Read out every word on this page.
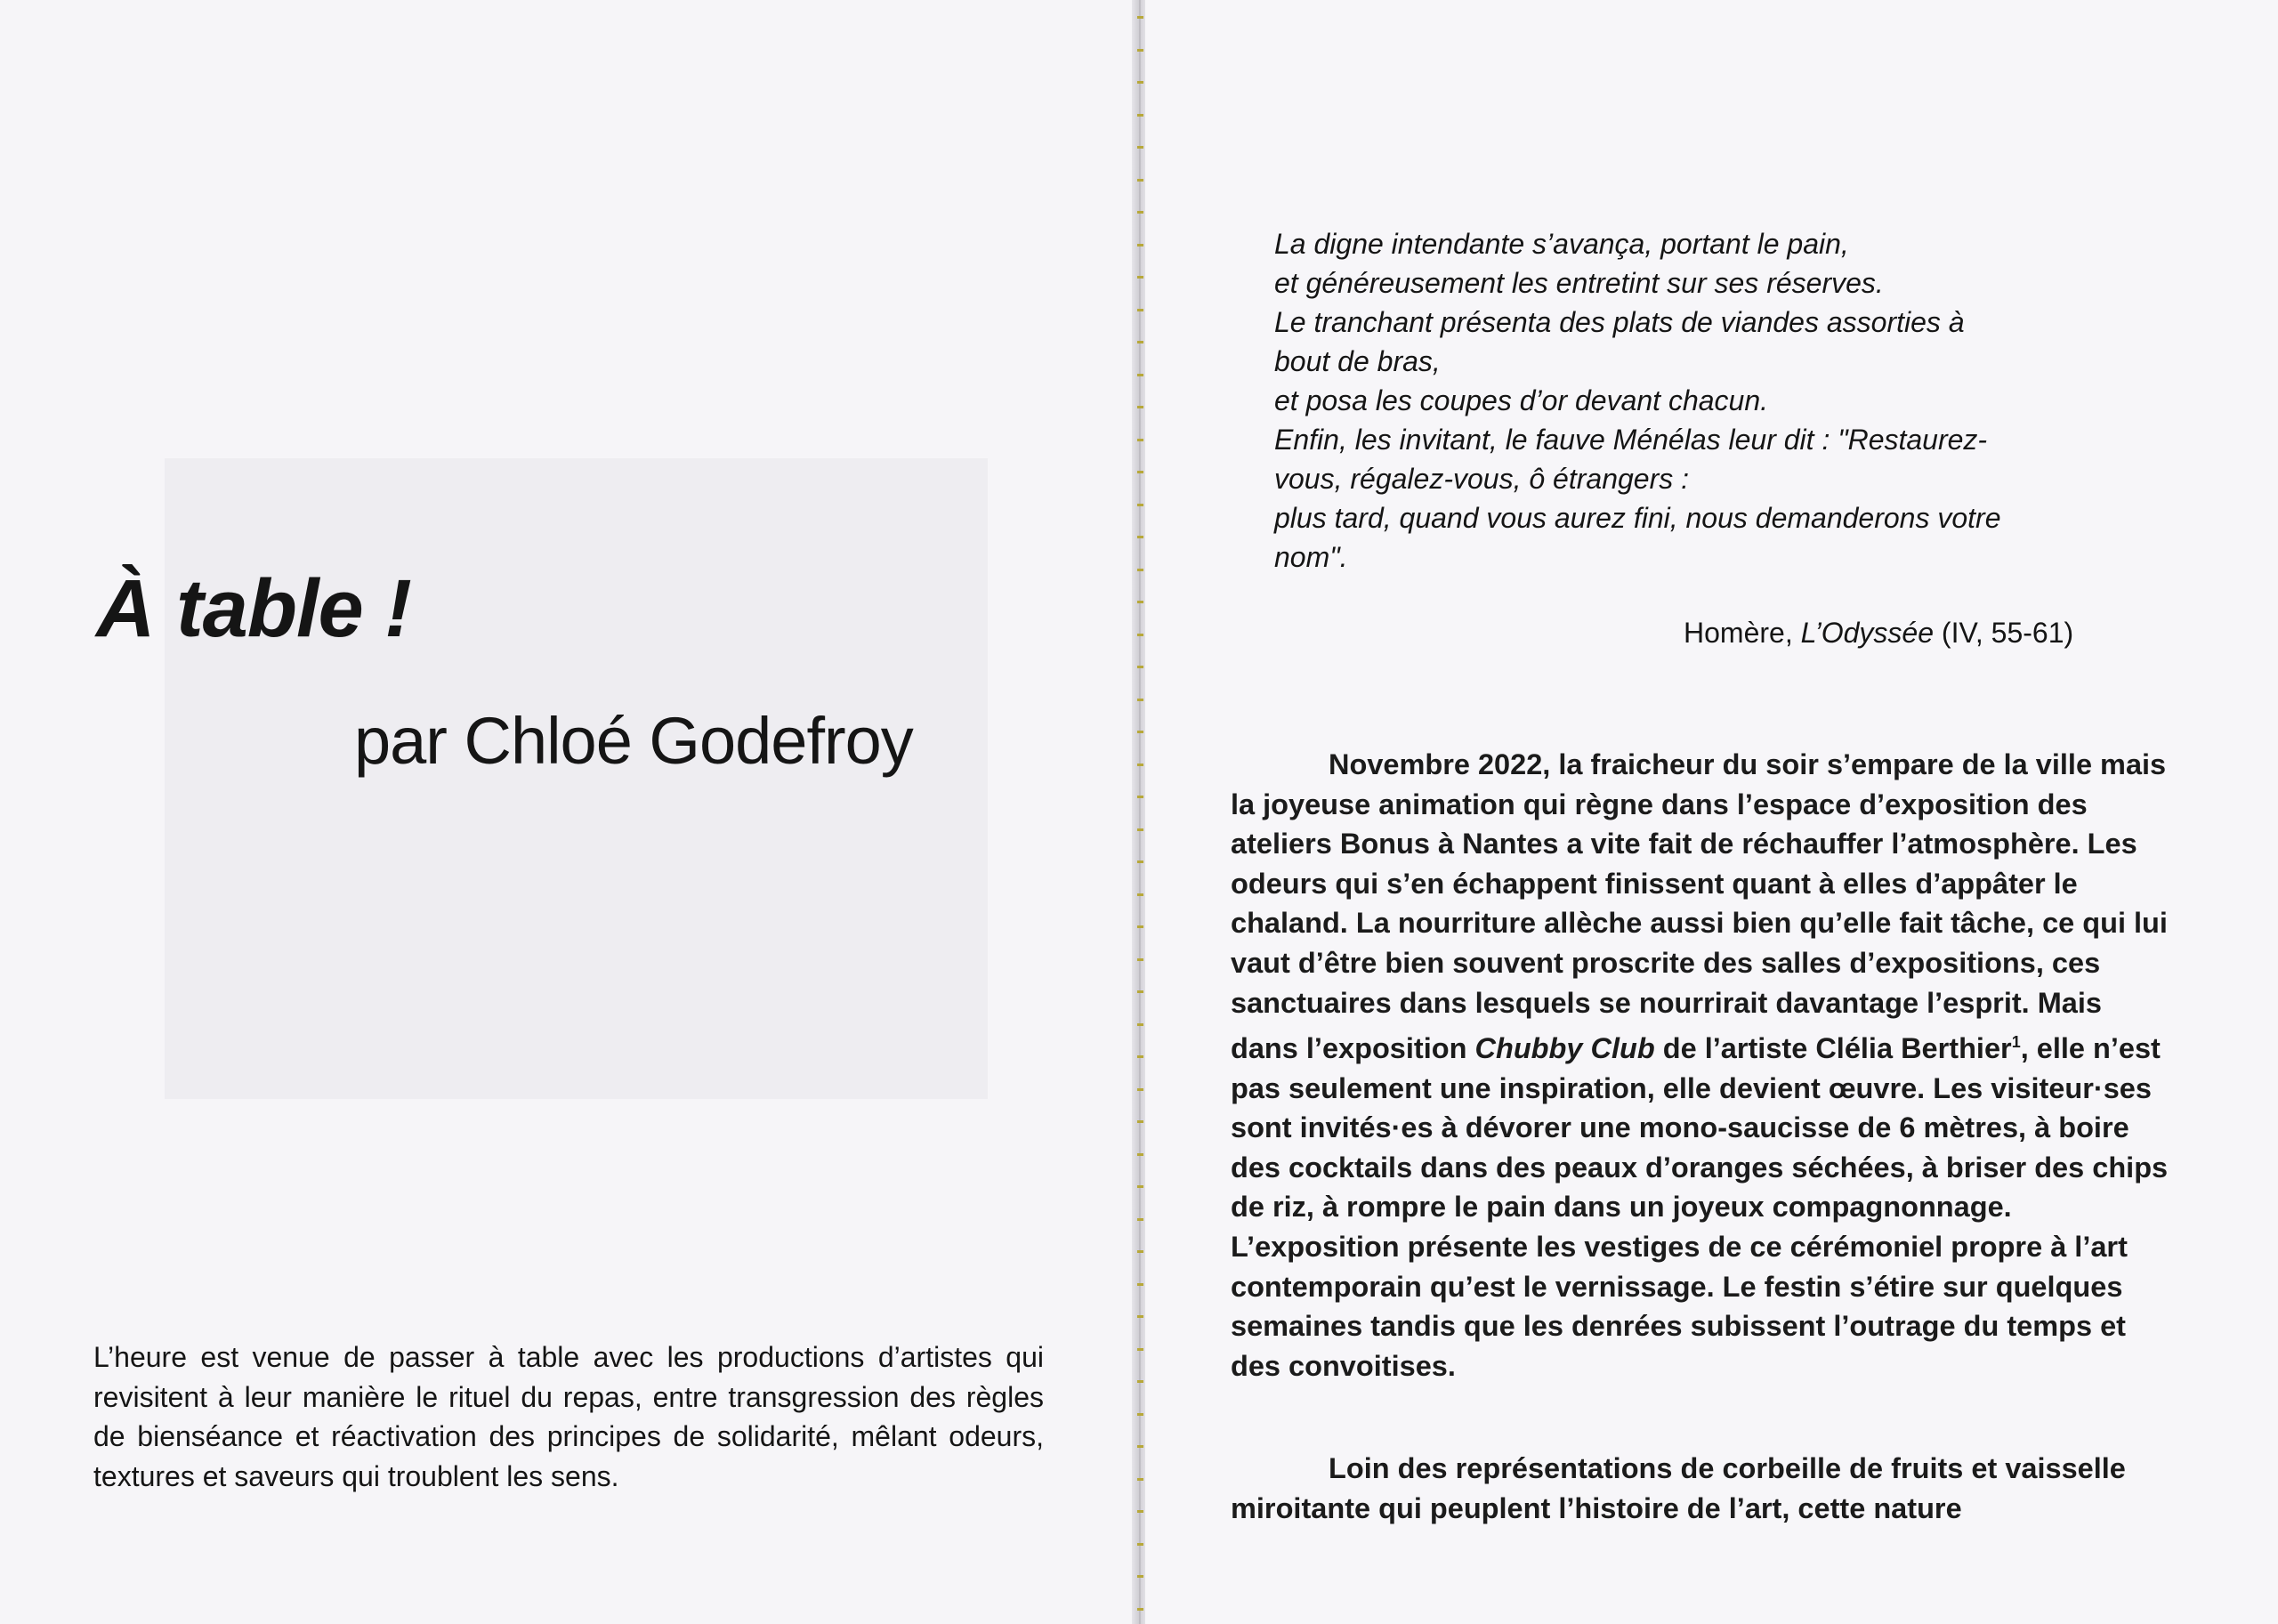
À table !
par Chloé Godefroy

L’heure est venue de passer à table avec les productions d’artistes qui revisitent à leur manière le rituel du repas, entre transgression des règles de bienséance et réactivation des principes de solidarité, mêlant odeurs, textures et saveurs qui troublent les sens.

La digne intendante s’avança, portant le pain,
et généreusement les entretint sur ses réserves.
Le tranchant présenta des plats de viandes assorties à
bout de bras,
et posa les coupes d’or devant chacun.
Enfin, les invitant, le fauve Ménélas leur dit : "Restaurez-
vous, régalez-vous, ô étrangers :
plus tard, quand vous aurez fini, nous demanderons votre
nom".

Homère, L’Odyssée (IV, 55-61)

Novembre 2022, la fraicheur du soir s’empare de la ville mais la joyeuse animation qui règne dans l’espace d’exposition des ateliers Bonus à Nantes a vite fait de réchauffer l’atmosphère. Les odeurs qui s’en échappent finissent quant à elles d’appâter le chaland. La nourriture allèche aussi bien qu’elle fait tâche, ce qui lui vaut d’être bien souvent proscrite des salles d’expositions, ces sanctuaires dans lesquels se nourrirait davantage l’esprit. Mais dans l’exposition Chubby Club de l’artiste Clélia Berthier$^1$, elle n’est pas seulement une inspiration, elle devient œuvre. Les visiteur·ses sont invités·es à dévorer une mono-saucisse de 6 mètres, à boire des cocktails dans des peaux d’oranges séchées, à briser des chips de riz, à rompre le pain dans un joyeux compagnonnage. L’exposition présente les vestiges de ce cérémoniel propre à l’art contemporain qu’est le vernissage. Le festin s’étire sur quelques semaines tandis que les denrées subissent l’outrage du temps et des convoitises.

Loin des représentations de corbeille de fruits et vaisselle miroitante qui peuplent l’histoire de l’art, cette nature
